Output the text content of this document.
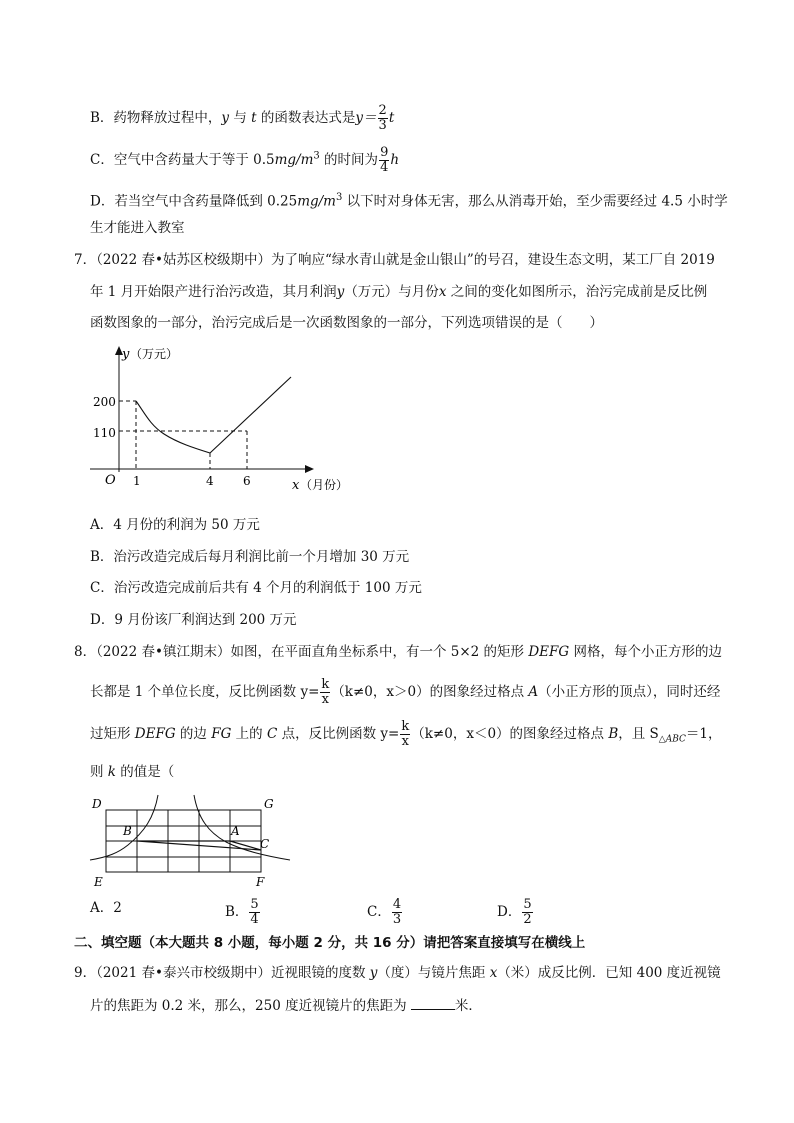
B．药物释放过程中，y 与 t 的函数表达式是$y= \frac{2}{3}$ t
C．空气中含药量大于等于 $0.5mg/m^3$ 的时间为 $\frac{9}{4}$ h
D．若当空气中含药量降低到 $0.25mg/m^3$ 以下时对身体无害，那么从消毒开始，至少需要经过 4.5 小时学
生才能进入教室
7．（2022 春•姑苏区校级期中）为了响应“绿水青山就是金山银山”的号召，建设生态文明，某工厂自 2019
年 1 月开始限产进行治污改造，其月利润y（万元）与月份x 之间的变化如图所示，治污完成前是反比例
函数图象的一部分，治污完成后是一次函数图象的一部分，下列选项错误的是（　　）
y （万元）
x （月份）
O
200
110
1	4 6
A．4 月份的利润为 50 万元
B．治污改造完成后每月利润比前一个月增加 30 万元
C．治污改造完成前后共有 4 个月的利润低于 100 万元
D．9 月份该厂利润达到 200 万元
8．（2022 春•镇江期末）如图，在平面直角坐标系中，有一个 5×2 的矩形 DEFG 网格，每个小正方形的边
长都是 1 个单位长度，反比例函数 $y= \frac{k}{x} (k\ne 0$，x＞0）的图象经过格点 A（小正方形的顶点），同时还经
过矩形 DEFG 的边 FG 上的 C 点，反比例函数 $y= \frac{k}{x} (k\ne 0$，x＜0）的图象经过格点 B，且 $S_{\triangle ABC}=1$，
则 k 的值是（
D	G
E	F
A
B
C
A．2	B． $\frac{5}{4}$	C． $\frac{4}{3}$	D． $\frac{5}{2}$
二、填空题（本大题共 8 小题，每小题 2 分，共 16 分）请把答案直接填写在横线上
9．（2021 春•泰兴市校级期中）近视眼镜的度数 y（度）与镜片焦距 x（米）成反比例．已知 400 度近视镜
片的焦距为 0.2 米，那么，250 度近视镜片的焦距为	米．
